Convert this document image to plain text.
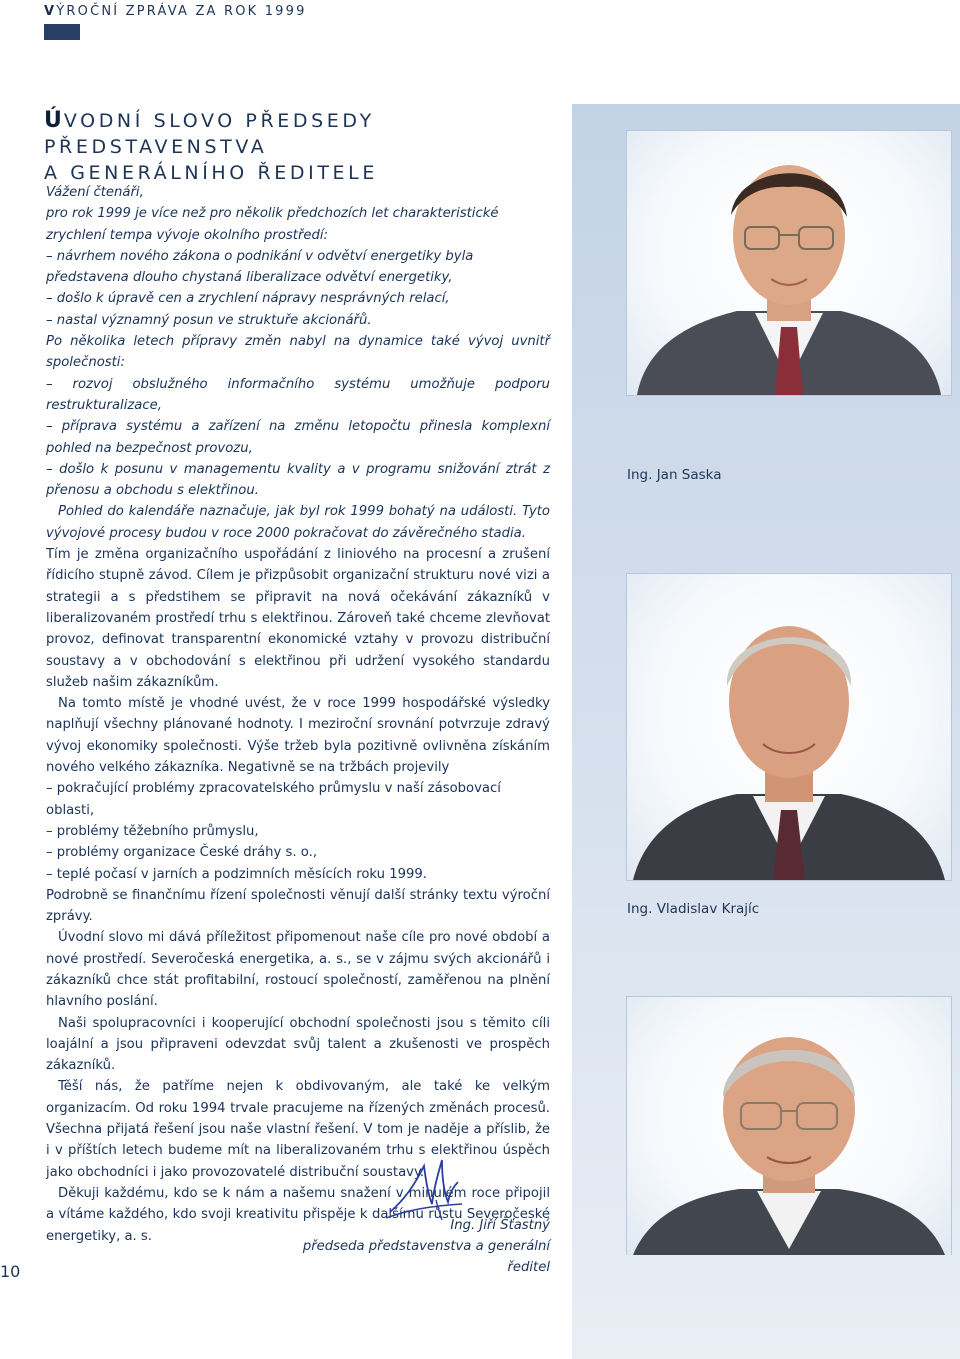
VÝROČNÍ ZPRÁVA ZA ROK 1999
ÚVODNÍ SLOVO PŘEDSEDY PŘEDSTAVENSTVA
A GENERÁLNÍHO ŘEDITELE

Vážení čtenáři,

pro rok 1999 je více než pro několik předchozích let charakteristické zrychlení tempa vývoje okolního prostředí:

– návrhem nového zákona o podnikání v odvětví energetiky byla představena dlouho chystaná liberalizace odvětví energetiky,

– došlo k úpravě cen a zrychlení nápravy nesprávných relací,

– nastal významný posun ve struktuře akcionářů.

Po několika letech přípravy změn nabyl na dynamice také vývoj uvnitř společnosti:

– rozvoj obslužného informačního systému umožňuje podporu restrukturalizace,

– příprava systému a zařízení na změnu letopočtu přinesla komplexní pohled na bezpečnost provozu,

– došlo k posunu v managementu kvality a v programu snižování ztrát z přenosu a obchodu s elektřinou.

Pohled do kalendáře naznačuje, jak byl rok 1999 bohatý na události. Tyto vývojové procesy budou v roce 2000 pokračovat do závěrečného stadia.

Tím je změna organizačního uspořádání z liniového na procesní a zrušení řídicího stupně závod. Cílem je přizpůsobit organizační strukturu nové vizi a strategii a s předstihem se připravit na nová očekávání zákazníků v liberalizovaném prostředí trhu s elektřinou. Zároveň také chceme zlevňovat provoz, definovat transparentní ekonomické vztahy v provozu distribuční soustavy a v obchodování s elektřinou při udržení vysokého standardu služeb našim zákazníkům.

Na tomto místě je vhodné uvést, že v roce 1999 hospodářské výsledky naplňují všechny plánované hodnoty. I meziroční srovnání potvrzuje zdravý vývoj ekonomiky společnosti. Výše tržeb byla pozitivně ovlivněna získáním nového velkého zákazníka. Negativně se na tržbách projevily

– pokračující problémy zpracovatelského průmyslu v naší zásobovací oblasti,

– problémy těžebního průmyslu,

– problémy organizace České dráhy s. o.,

– teplé počasí v jarních a podzimních měsících roku 1999.

Podrobně se finančnímu řízení společnosti věnují další stránky textu výroční zprávy.

Úvodní slovo mi dává příležitost připomenout naše cíle pro nové období a nové prostředí. Severočeská energetika, a. s., se v zájmu svých akcionářů i zákazníků chce stát profitabilní, rostoucí společností, zaměřenou na plnění hlavního poslání.

Naši spolupracovníci i kooperující obchodní společnosti jsou s těmito cíli loajální a jsou připraveni odevzdat svůj talent a zkušenosti ve prospěch zákazníků.

Těší nás, že patříme nejen k obdivovaným, ale také ke velkým organizacím. Od roku 1994 trvale pracujeme na řízených změnách procesů. Všechna přijatá řešení jsou naše vlastní řešení. V tom je naděje a příslib, že i v příštích letech budeme mít na liberalizovaném trhu s elektřinou úspěch jako obchodníci i jako provozovatelé distribuční soustavy.

Děkuji každému, kdo se k nám a našemu snažení v minulém roce připojil a vítáme každého, kdo svoji kreativitu přispěje k dalšímu růstu Severočeské energetiky, a. s.

Ing. Jiří Šťastný
předseda představenstva a generální ředitel
10
Ing. Jan Saska
Ing. Vladislav Krajíc
